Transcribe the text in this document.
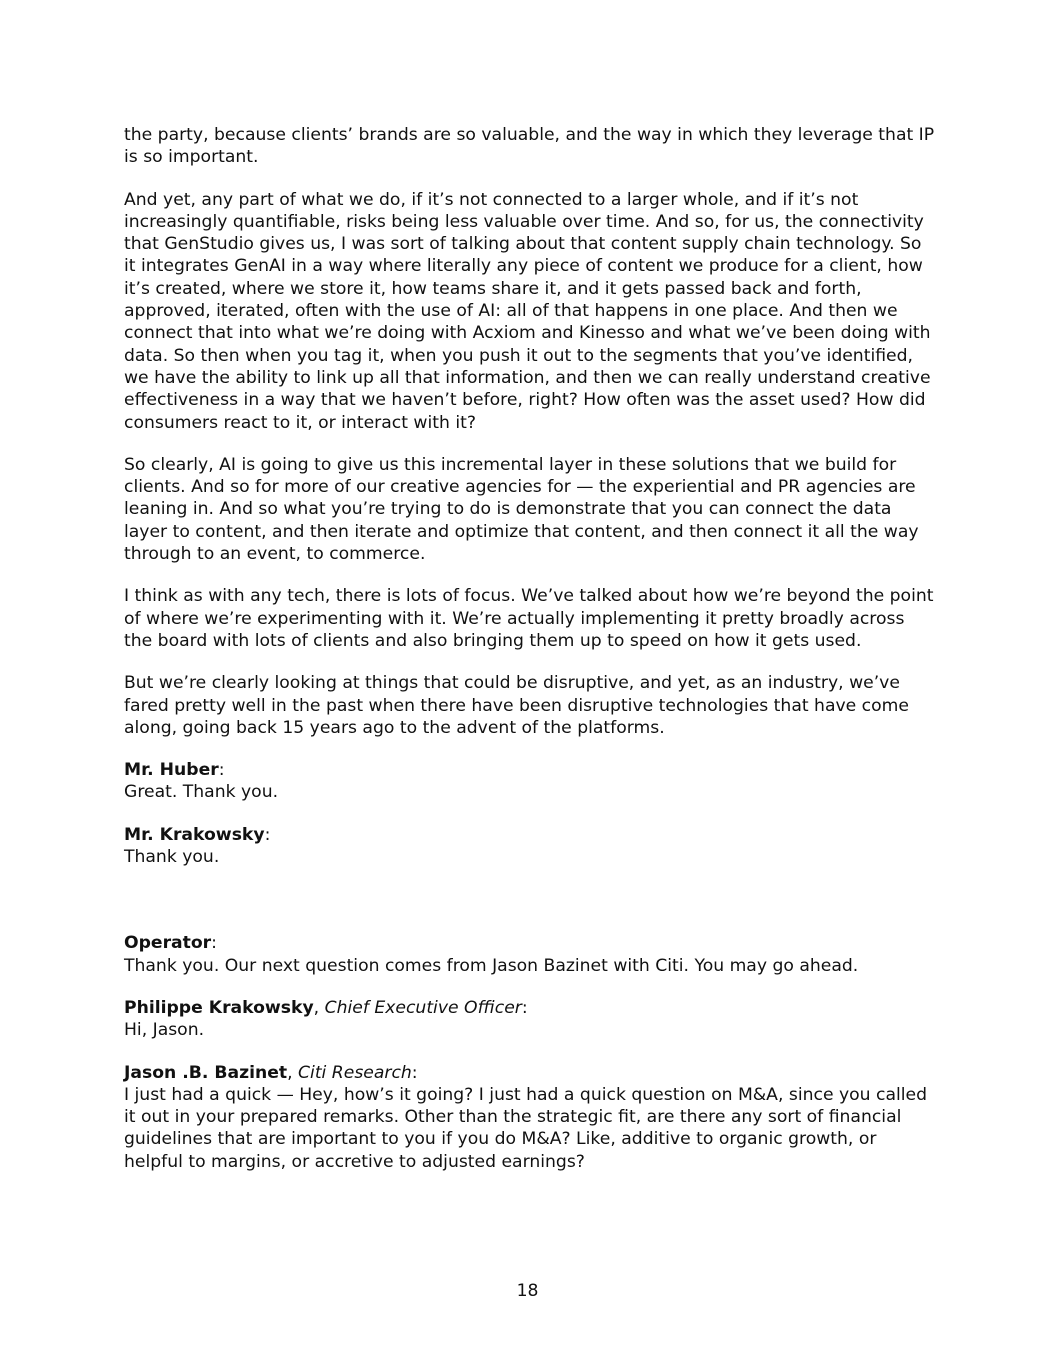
the party, because clients’ brands are so valuable, and the way in which they leverage that IP is so important.

And yet, any part of what we do, if it’s not connected to a larger whole, and if it’s not increasingly quantifiable, risks being less valuable over time. And so, for us, the connectivity that GenStudio gives us, I was sort of talking about that content supply chain technology. So it integrates GenAI in a way where literally any piece of content we produce for a client, how it’s created, where we store it, how teams share it, and it gets passed back and forth, approved, iterated, often with the use of AI: all of that happens in one place. And then we connect that into what we’re doing with Acxiom and Kinesso and what we’ve been doing with data. So then when you tag it, when you push it out to the segments that you’ve identified, we have the ability to link up all that information, and then we can really understand creative effectiveness in a way that we haven’t before, right? How often was the asset used? How did consumers react to it, or interact with it?

So clearly, AI is going to give us this incremental layer in these solutions that we build for clients. And so for more of our creative agencies for — the experiential and PR agencies are leaning in. And so what you’re trying to do is demonstrate that you can connect the data layer to content, and then iterate and optimize that content, and then connect it all the way through to an event, to commerce.

I think as with any tech, there is lots of focus. We’ve talked about how we’re beyond the point of where we’re experimenting with it. We’re actually implementing it pretty broadly across the board with lots of clients and also bringing them up to speed on how it gets used.

But we’re clearly looking at things that could be disruptive, and yet, as an industry, we’ve fared pretty well in the past when there have been disruptive technologies that have come along, going back 15 years ago to the advent of the platforms.

Mr. Huber:
Great. Thank you.
Mr. Krakowsky:
Thank you.
Operator:
Thank you. Our next question comes from Jason Bazinet with Citi. You may go ahead.
Philippe Krakowsky, Chief Executive Officer:
Hi, Jason.
Jason .B. Bazinet, Citi Research:
I just had a quick — Hey, how’s it going? I just had a quick question on M&A, since you called it out in your prepared remarks. Other than the strategic fit, are there any sort of financial guidelines that are important to you if you do M&A? Like, additive to organic growth, or helpful to margins, or accretive to adjusted earnings?
18
